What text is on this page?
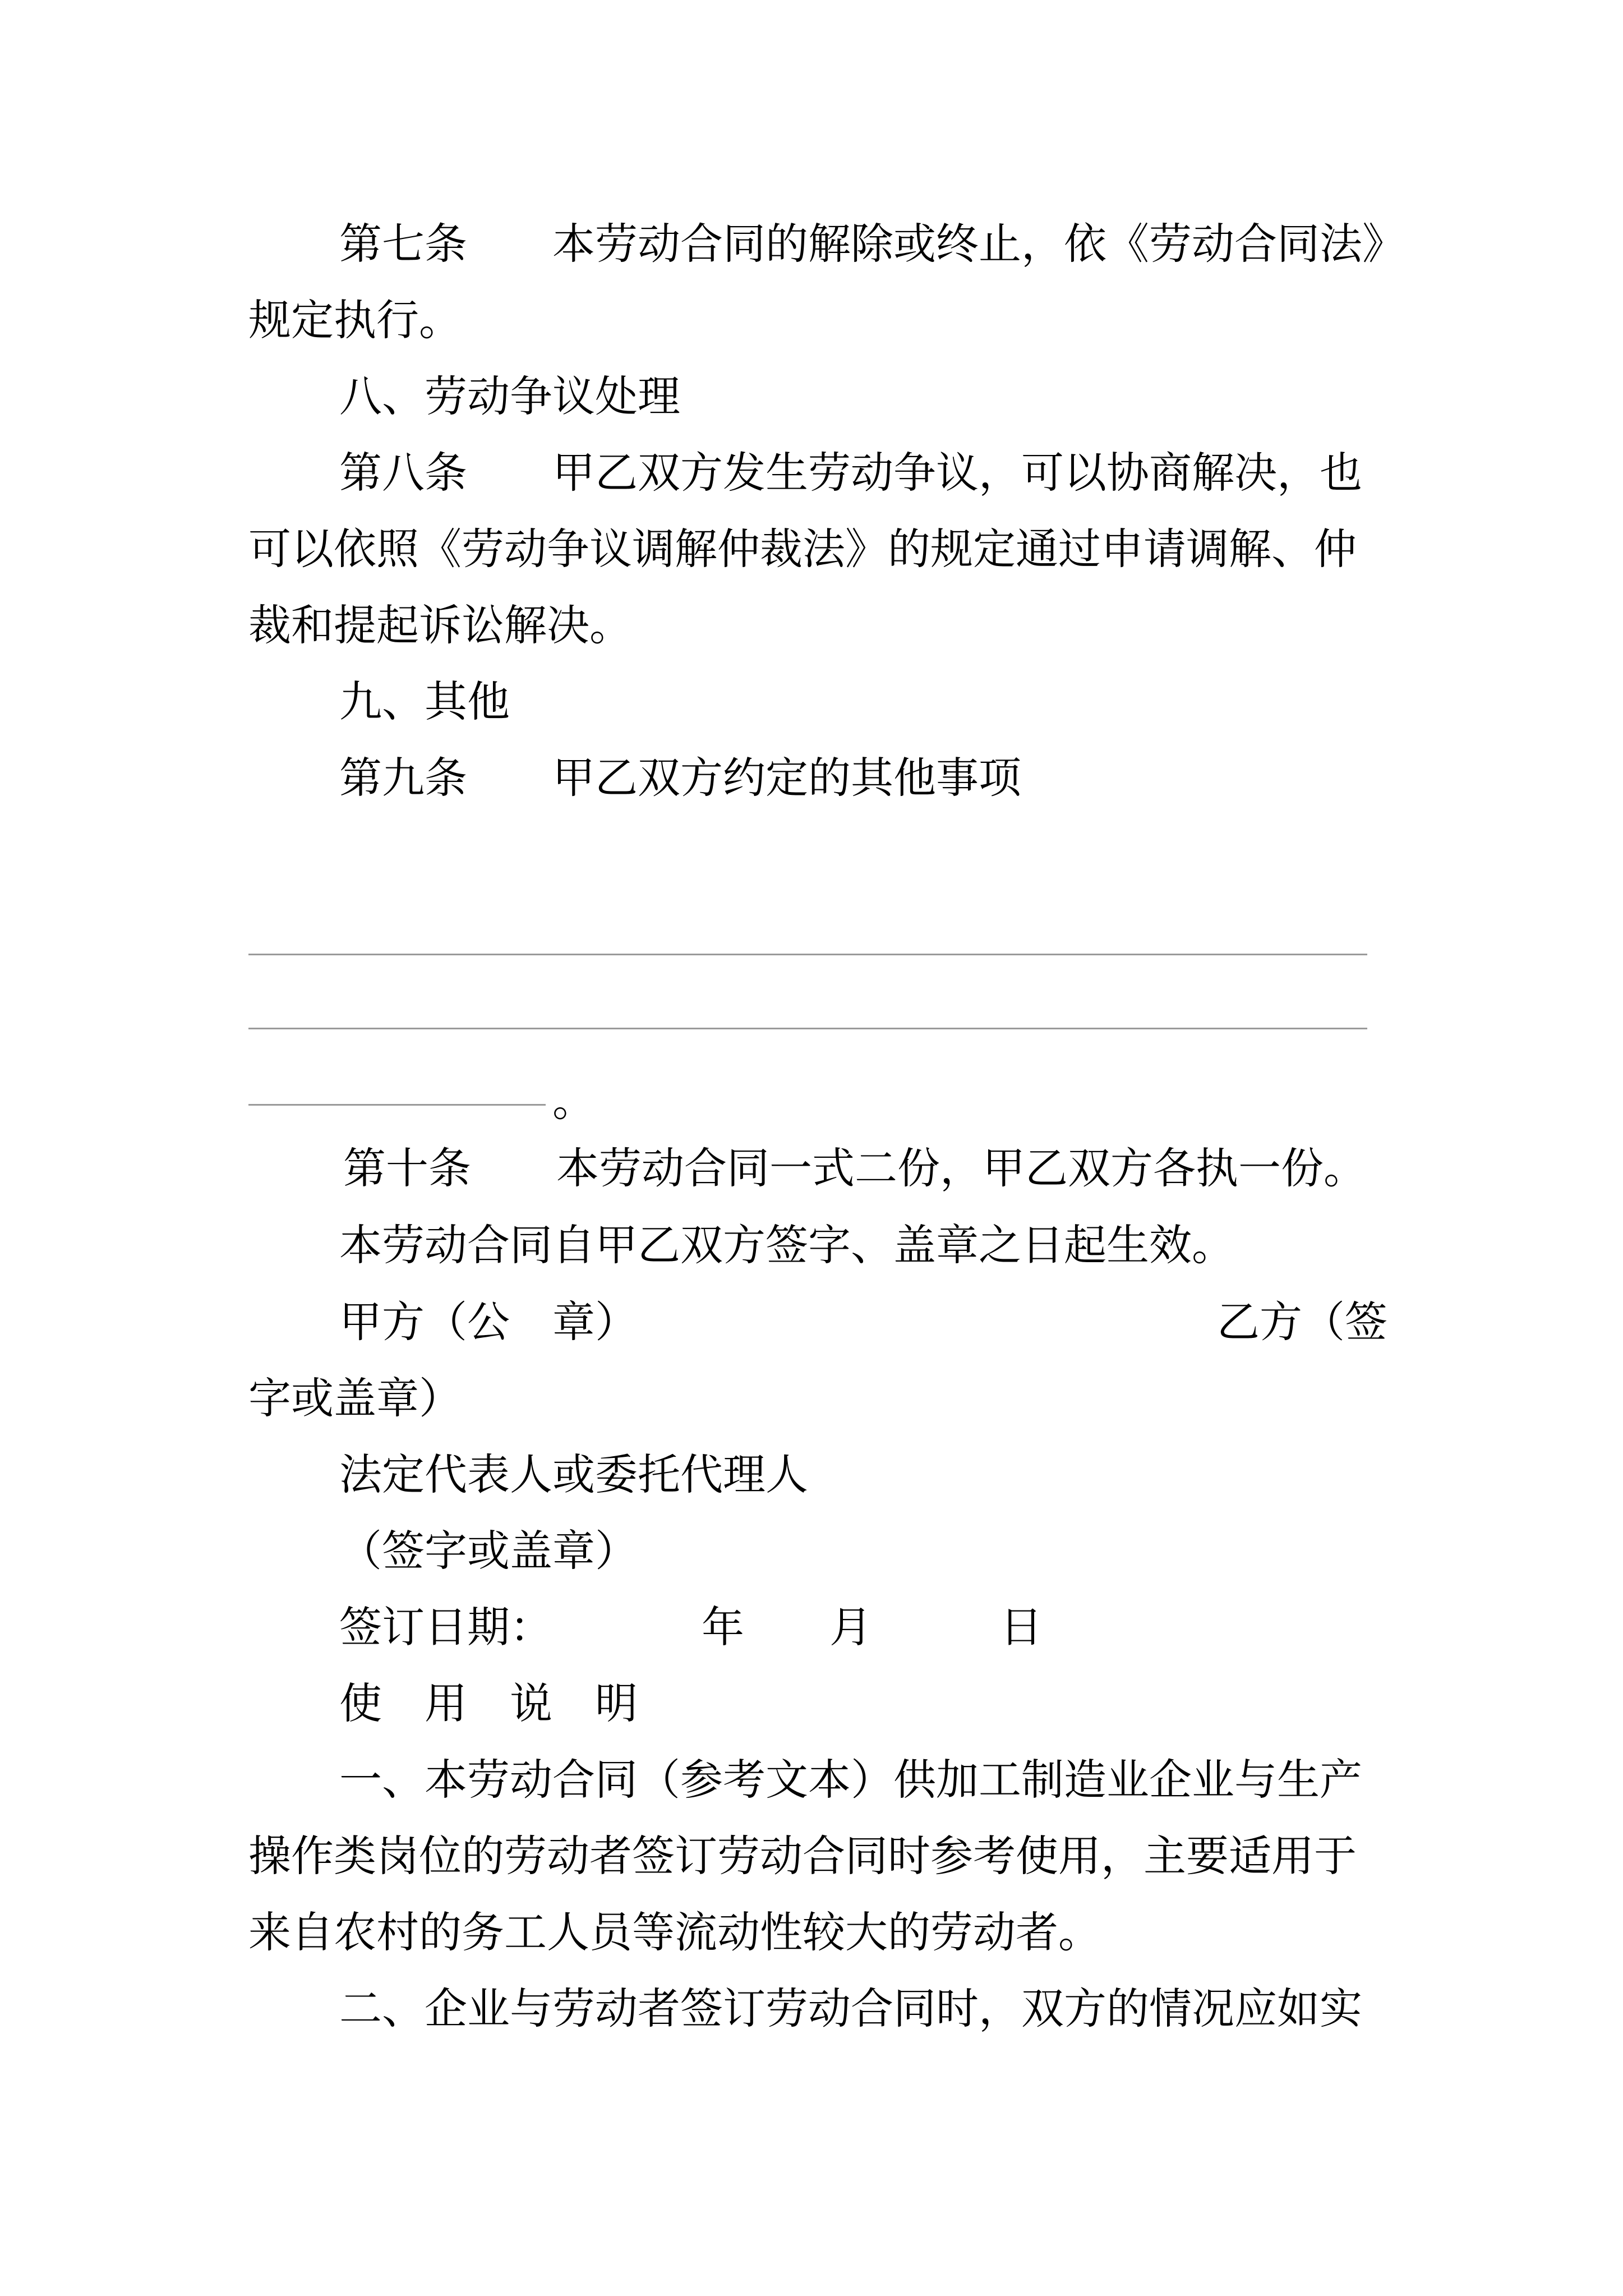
第七条　　本劳动合同的解除或终止，依《劳动合同法》

规定执行。

八、劳动争议处理

第八条　　甲乙双方发生劳动争议，可以协商解决，也

可以依照《劳动争议调解仲裁法》的规定通过申请调解、仲

裁和提起诉讼解决。

九、其他

第九条　　甲乙双方约定的其他事项

。

第十条　　本劳动合同一式二份，甲乙双方各执一份。

本劳动合同自甲乙双方签字、盖章之日起生效。

甲方（公　章）	乙方（签

字或盖章）

法定代表人或委托代理人

（签字或盖章）

签订日期：　　　　年　　月　　　日

使　用　说　明

一、本劳动合同（参考文本）供加工制造业企业与生产

操作类岗位的劳动者签订劳动合同时参考使用，主要适用于

来自农村的务工人员等流动性较大的劳动者。

二、企业与劳动者签订劳动合同时，双方的情况应如实
